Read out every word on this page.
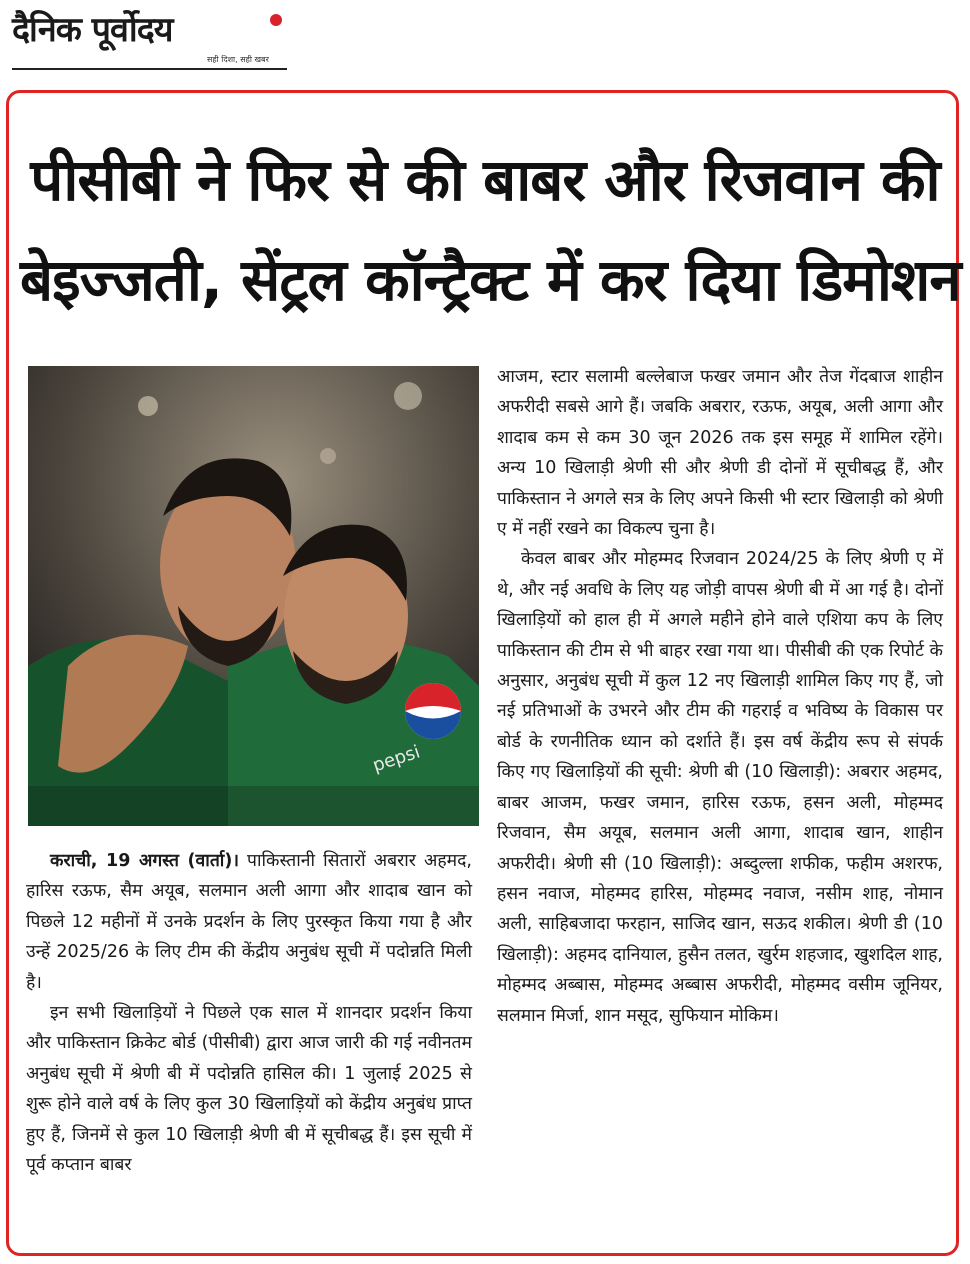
दैनिक पूर्वोदय
सही दिशा, सही खबर
पीसीबी ने फिर से की बाबर और रिजवान की
बेइज्जती, सेंट्रल कॉन्ट्रैक्ट में कर दिया डिमोशन
pepsi

कराची, 19 अगस्त (वार्ता)। पाकिस्तानी सितारों अबरार अहमद, हारिस रऊफ, सैम अयूब, सलमान अली आगा और शादाब खान को पिछले 12 महीनों में उनके प्रदर्शन के लिए पुरस्कृत किया गया है और उन्हें 2025/26 के लिए टीम की केंद्रीय अनुबंध सूची में पदोन्नति मिली है।

इन सभी खिलाड़ियों ने पिछले एक साल में शानदार प्रदर्शन किया और पाकिस्तान क्रिकेट बोर्ड (पीसीबी) द्वारा आज जारी की गई नवीनतम अनुबंध सूची में श्रेणी बी में पदोन्नति हासिल की। 1 जुलाई 2025 से शुरू होने वाले वर्ष के लिए कुल 30 खिलाड़ियों को केंद्रीय अनुबंध प्राप्त हुए हैं, जिनमें से कुल 10 खिलाड़ी श्रेणी बी में सूचीबद्ध हैं। इस सूची में पूर्व कप्तान बाबर

आजम, स्टार सलामी बल्लेबाज फखर जमान और तेज गेंदबाज शाहीन अफरीदी सबसे आगे हैं। जबकि अबरार, रऊफ, अयूब, अली आगा और शादाब कम से कम 30 जून 2026 तक इस समूह में शामिल रहेंगे। अन्य 10 खिलाड़ी श्रेणी सी और श्रेणी डी दोनों में सूचीबद्ध हैं, और पाकिस्तान ने अगले सत्र के लिए अपने किसी भी स्टार खिलाड़ी को श्रेणी ए में नहीं रखने का विकल्प चुना है।

केवल बाबर और मोहम्मद रिजवान 2024/25 के लिए श्रेणी ए में थे, और नई अवधि के लिए यह जोड़ी वापस श्रेणी बी में आ गई है। दोनों खिलाड़ियों को हाल ही में अगले महीने होने वाले एशिया कप के लिए पाकिस्तान की टीम से भी बाहर रखा गया था। पीसीबी की एक रिपोर्ट के अनुसार, अनुबंध सूची में कुल 12 नए खिलाड़ी शामिल किए गए हैं, जो नई प्रतिभाओं के उभरने और टीम की गहराई व भविष्य के विकास पर बोर्ड के रणनीतिक ध्यान को दर्शाते हैं। इस वर्ष केंद्रीय रूप से संपर्क किए गए खिलाड़ियों की सूची: श्रेणी बी (10 खिलाड़ी): अबरार अहमद, बाबर आजम, फखर जमान, हारिस रऊफ, हसन अली, मोहम्मद रिजवान, सैम अयूब, सलमान अली आगा, शादाब खान, शाहीन अफरीदी। श्रेणी सी (10 खिलाड़ी): अब्दुल्ला शफीक, फहीम अशरफ, हसन नवाज, मोहम्मद हारिस, मोहम्मद नवाज, नसीम शाह, नोमान अली, साहिबजादा फरहान, साजिद खान, सऊद शकील। श्रेणी डी (10 खिलाड़ी): अहमद दानियाल, हुसैन तलत, खुर्रम शहजाद, खुशदिल शाह, मोहम्मद अब्बास, मोहम्मद अब्बास अफरीदी, मोहम्मद वसीम जूनियर, सलमान मिर्जा, शान मसूद, सुफियान मोकिम।
